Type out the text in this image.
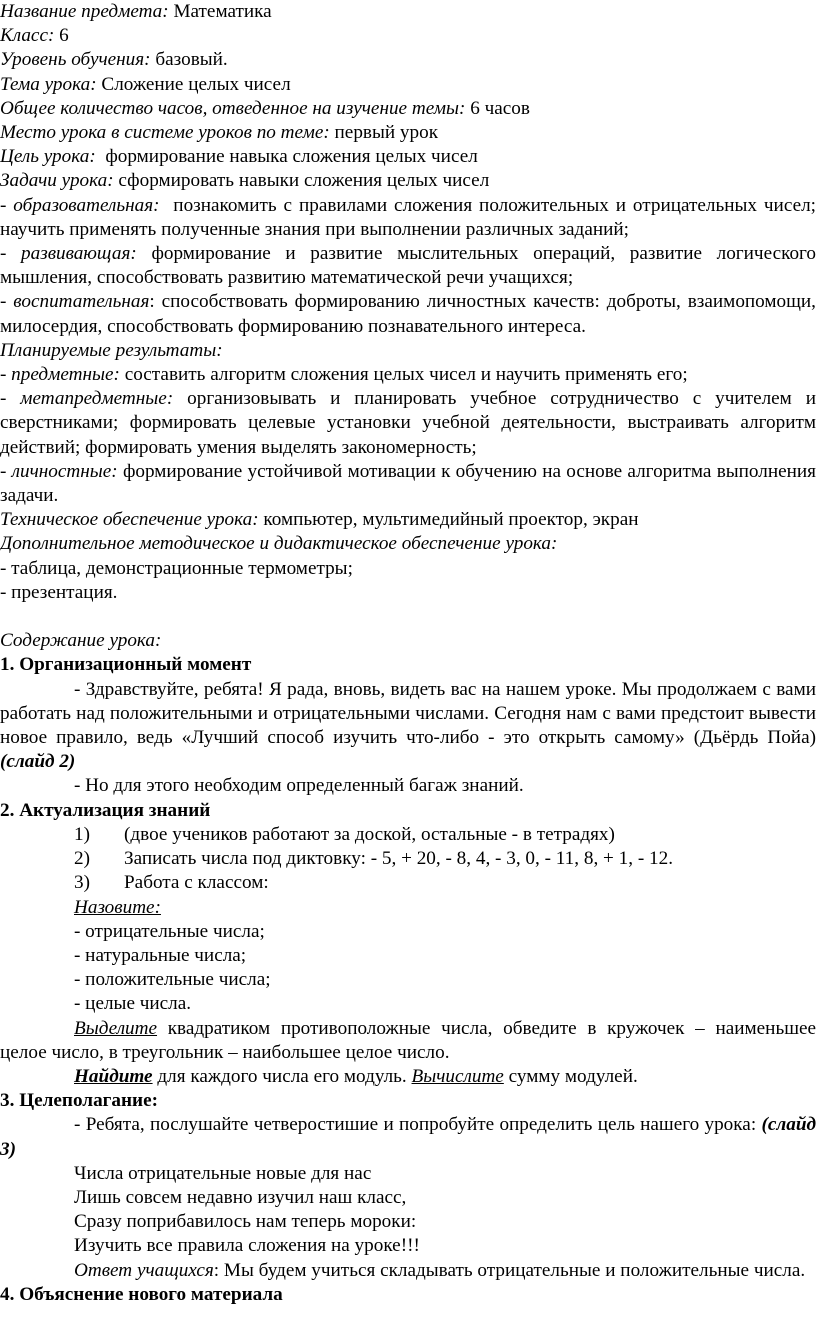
Название предмета: Математика
Класс: 6
Уровень обучения: базовый.
Тема урока: Сложение целых чисел
Общее количество часов, отведенное на изучение темы: 6 часов
Место урока в системе уроков по теме: первый урок
Цель урока: формирование навыка сложения целых чисел
Задачи урока: сформировать навыки сложения целых чисел
- образовательная: познакомить с правилами сложения положительных и отрицательных чисел; научить применять полученные знания при выполнении различных заданий;
- развивающая: формирование и развитие мыслительных операций, развитие логического мышления, способствовать развитию математической речи учащихся;
- воспитательная: способствовать формированию личностных качеств: доброты, взаимопомощи, милосердия, способствовать формированию познавательного интереса.
Планируемые результаты:
- предметные: составить алгоритм сложения целых чисел и научить применять его;
- метапредметные: организовывать и планировать учебное сотрудничество с учителем и сверстниками; формировать целевые установки учебной деятельности, выстраивать алгоритм действий; формировать умения выделять закономерность;
- личностные: формирование устойчивой мотивации к обучению на основе алгоритма выполнения задачи.
Техническое обеспечение урока: компьютер, мультимедийный проектор, экран
Дополнительное методическое и дидактическое обеспечение урока:
- таблица, демонстрационные термометры;
- презентация.
Содержание урока:
1. Организационный момент
- Здравствуйте, ребята! Я рада, вновь, видеть вас на нашем уроке. Мы продолжаем с вами работать над положительными и отрицательными числами. Сегодня нам с вами предстоит вывести новое правило, ведь «Лучший способ изучить что-либо - это открыть самому» (Дьёрдь Пойа) (слайд 2)
- Но для этого необходим определенный багаж знаний.
2. Актуализация знаний
1)	(двое учеников работают за доской, остальные - в тетрадях)
2)	Записать числа под диктовку: - 5, + 20, - 8, 4, - 3, 0, - 11, 8, + 1, - 12.
3)	Работа с классом:
Назовите:
- отрицательные числа;
- натуральные числа;
- положительные числа;
- целые числа.
Выделите квадратиком противоположные числа, обведите в кружочек – наименьшее целое число, в треугольник – наибольшее целое число.
Найдите для каждого числа его модуль. Вычислите сумму модулей.
3. Целеполагание:
- Ребята, послушайте четверостишие и попробуйте определить цель нашего урока: (слайд 3)
Числа отрицательные новые для нас
Лишь совсем недавно изучил наш класс,
Сразу поприбавилось нам теперь мороки:
Изучить все правила сложения на уроке!!!
Ответ учащихся: Мы будем учиться складывать отрицательные и положительные числа.
4. Объяснение нового материала
